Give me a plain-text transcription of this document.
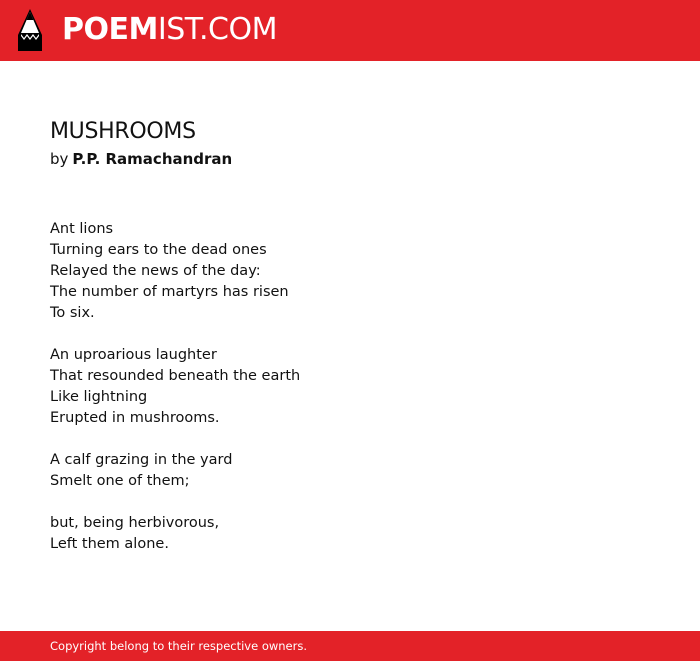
POEMIST.COM
MUSHROOMS
by P.P. Ramachandran
Ant lions
Turning ears to the dead ones
Relayed the news of the day:
The number of martyrs has risen
To six.
An uproarious laughter
That resounded beneath the earth
Like lightning
Erupted in mushrooms.
A calf grazing in the yard
Smelt one of them;
but, being herbivorous,
Left them alone.
Copyright belong to their respective owners.
